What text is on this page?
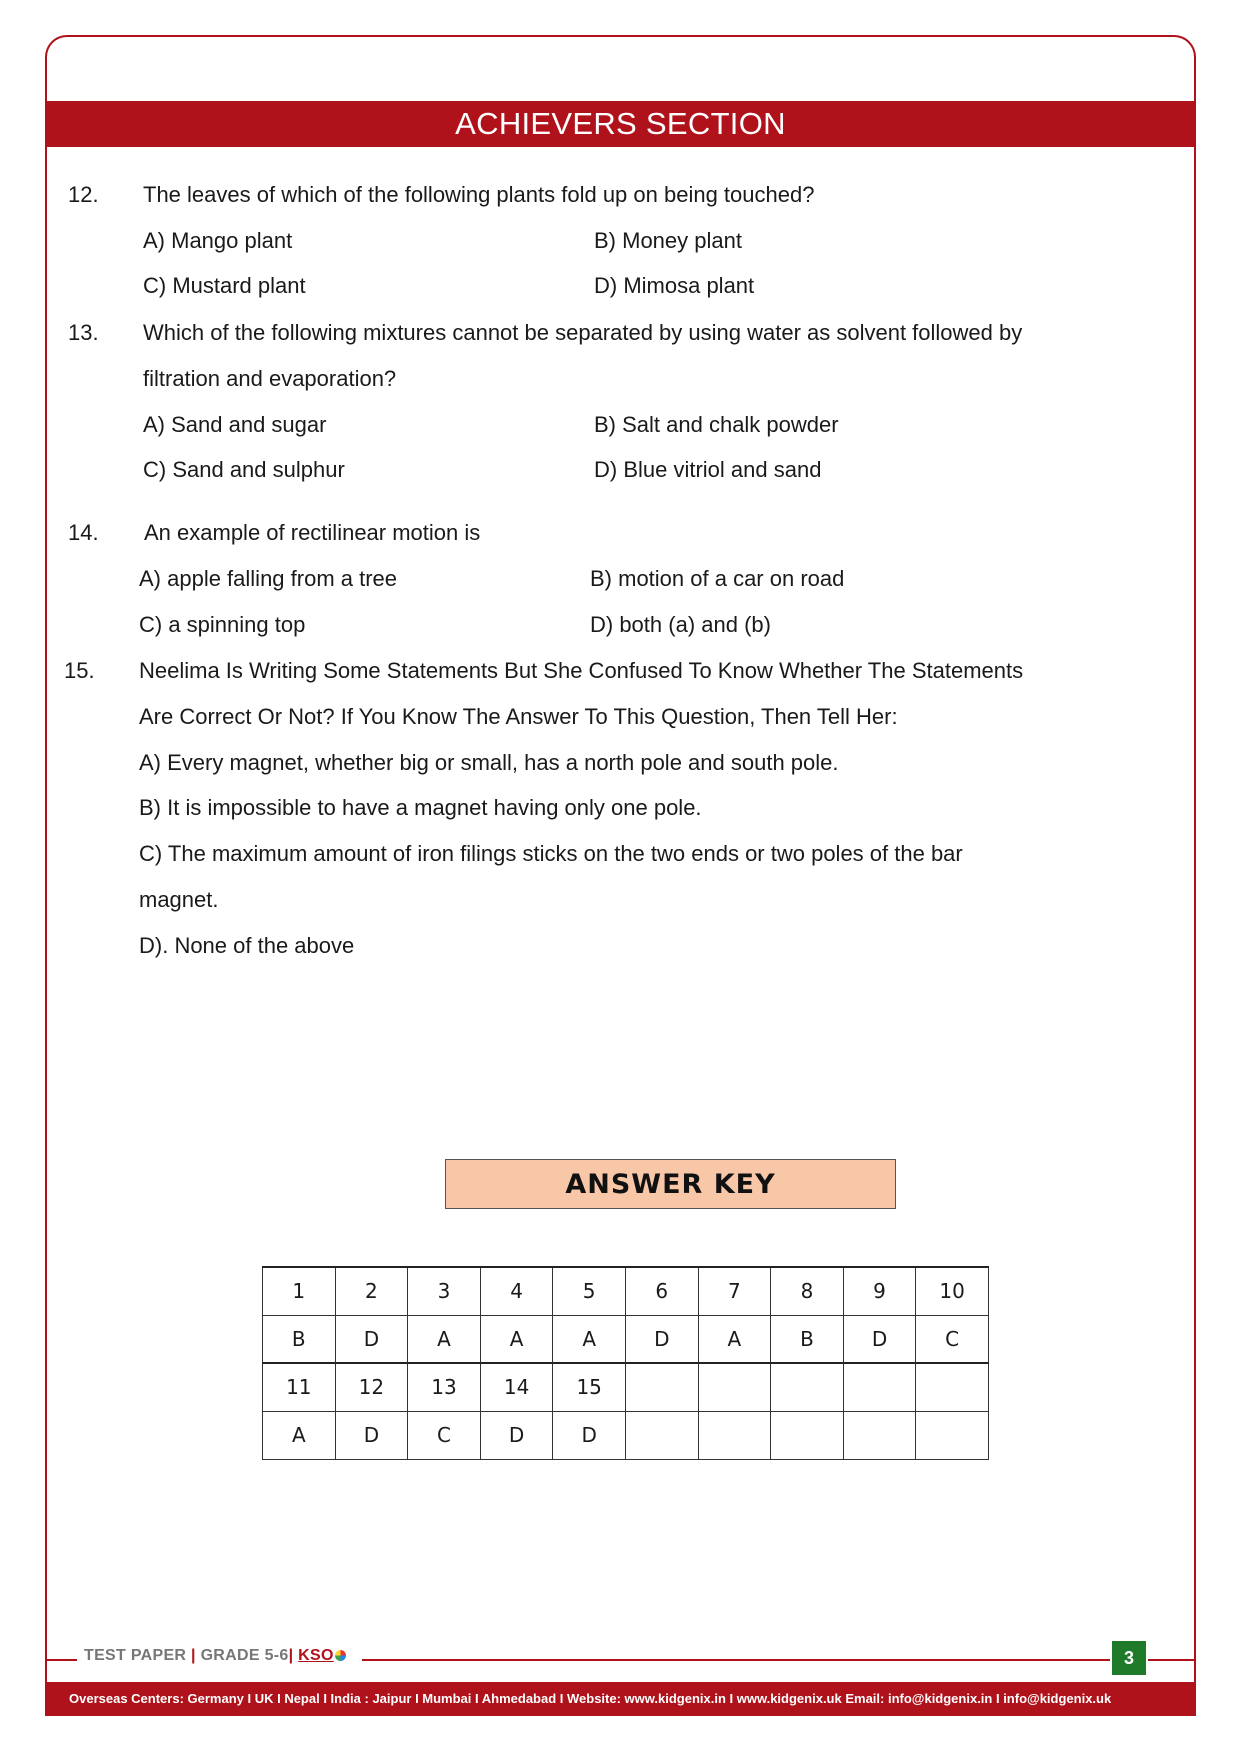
ACHIEVERS SECTION
12. The leaves of which of the following plants fold up on being touched?
A) Mango plant	B) Money plant
C) Mustard plant	D) Mimosa plant
13. Which of the following mixtures cannot be separated by using water as solvent followed by
filtration and evaporation?
A) Sand and sugar	B) Salt and chalk powder
C) Sand and sulphur	D) Blue vitriol and sand
14. An example of rectilinear motion is
A) apple falling from a tree	B) motion of a car on road
C) a spinning top	D) both (a) and (b)
15. Neelima Is Writing Some Statements But She Confused To Know Whether The Statements
Are Correct Or Not? If You Know The Answer To This Question, Then Tell Her:
A) Every magnet, whether big or small, has a north pole and south pole.
B) It is impossible to have a magnet having only one pole.
C) The maximum amount of iron filings sticks on the two ends or two poles of the bar
magnet.
D). None of the above
ANSWER KEY
1	2	3	4	5	6	7	8	9	10
B	D	A	A	A	D	A	B	D	C
11	12	13	14	15					
A	D	C	D	D					
TEST PAPER | GRADE 5-6| KSO	3
Overseas Centers: Germany I UK I Nepal I India : Jaipur I Mumbai I Ahmedabad I Website: www.kidgenix.in I www.kidgenix.uk Email: info@kidgenix.in I info@kidgenix.uk
